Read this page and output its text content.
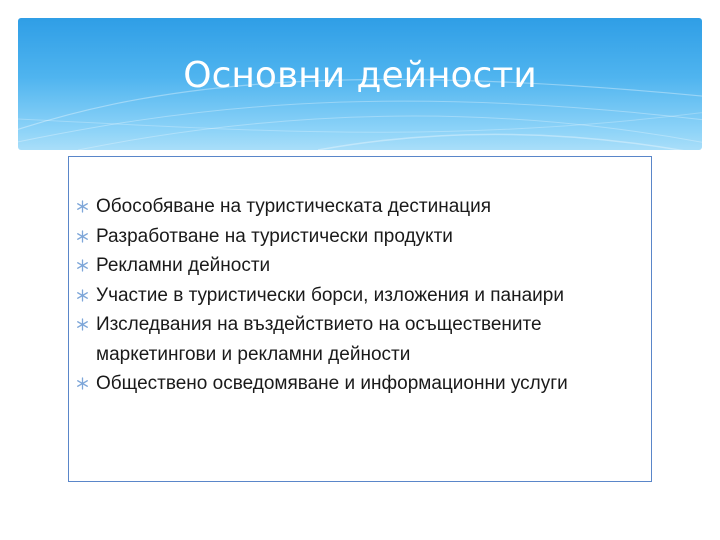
Основни дейности
Обособяване на туристическата дестинация
Разработване на туристически продукти
Рекламни дейности
Участие в туристически борси, изложения и панаири
Изследвания на въздействието на осъществените маркетингови и рекламни дейности
Обществено осведомяване и информационни услуги
